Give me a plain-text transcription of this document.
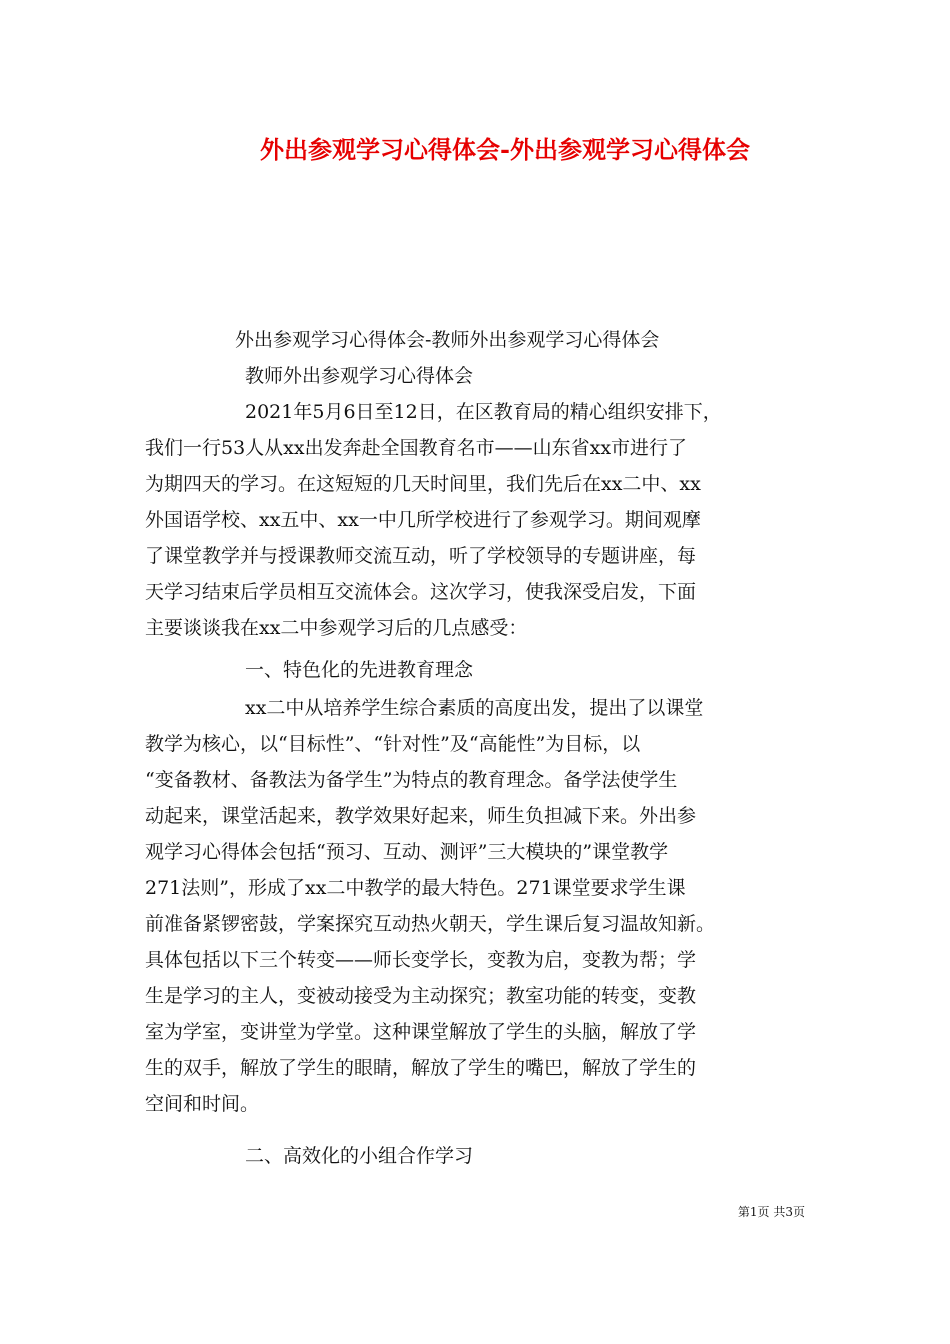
外出参观学习心得体会-外出参观学习心得体会
外出参观学习心得体会-教师外出参观学习心得体会
教师外出参观学习心得体会
2021年5月6日至12日，在区教育局的精心组织安排下，
我们一行53人从xx出发奔赴全国教育名市——山东省xx市进行了
为期四天的学习。在这短短的几天时间里，我们先后在xx二中、xx
外国语学校、xx五中、xx一中几所学校进行了参观学习。期间观摩
了课堂教学并与授课教师交流互动，听了学校领导的专题讲座，每
天学习结束后学员相互交流体会。这次学习，使我深受启发，下面
主要谈谈我在xx二中参观学习后的几点感受：
一、特色化的先进教育理念
xx二中从培养学生综合素质的高度出发，提出了以课堂
教学为核心，以“目标性”、“针对性”及“高能性”为目标，以
“变备教材、备教法为备学生”为特点的教育理念。备学法使学生
动起来，课堂活起来，教学效果好起来，师生负担减下来。外出参
观学习心得体会包括“预习、互动、测评”三大模块的”课堂教学
271法则”，形成了xx二中教学的最大特色。271课堂要求学生课
前准备紧锣密鼓，学案探究互动热火朝天，学生课后复习温故知新。
具体包括以下三个转变——师长变学长，变教为启，变教为帮；学
生是学习的主人，变被动接受为主动探究；教室功能的转变，变教
室为学室，变讲堂为学堂。这种课堂解放了学生的头脑，解放了学
生的双手，解放了学生的眼睛，解放了学生的嘴巴，解放了学生的
空间和时间。
二、高效化的小组合作学习
第1页 共3页
